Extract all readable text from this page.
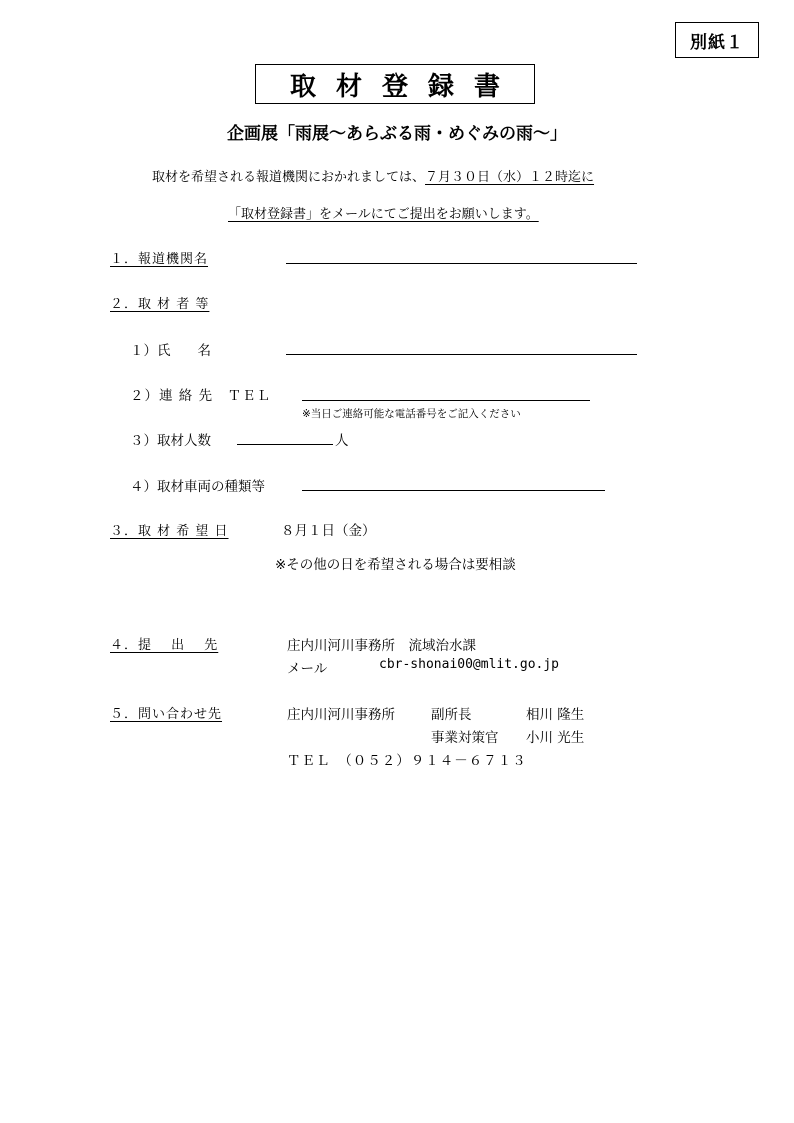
別紙１
取材登録書
企画展「雨展～あらぶる雨・めぐみの雨～」
取材を希望される報道機関におかれましては、７月３０日（水）１２時迄に
「取材登録書」をメールにてご提出をお願いします。
１．報道機関名
２．取 材 者 等
１）氏　　名
２）連 絡 先　ＴＥＬ
※当日ご連絡可能な電話番号をご記入ください
３）取材人数	人
４）取材車両の種類等
３．取 材 希 望 日	８月１日（金）
※その他の日を希望される場合は要相談
４．提　 出　 先	庄内川河川事務所　流域治水課
メール	cbr-shonai00@mlit.go.jp
５．問い合わせ先	庄内川河川事務所	副所長	相川 隆生
事業対策官 小川 光生
ＴＥＬ　（０５２）９１４－６７１３
